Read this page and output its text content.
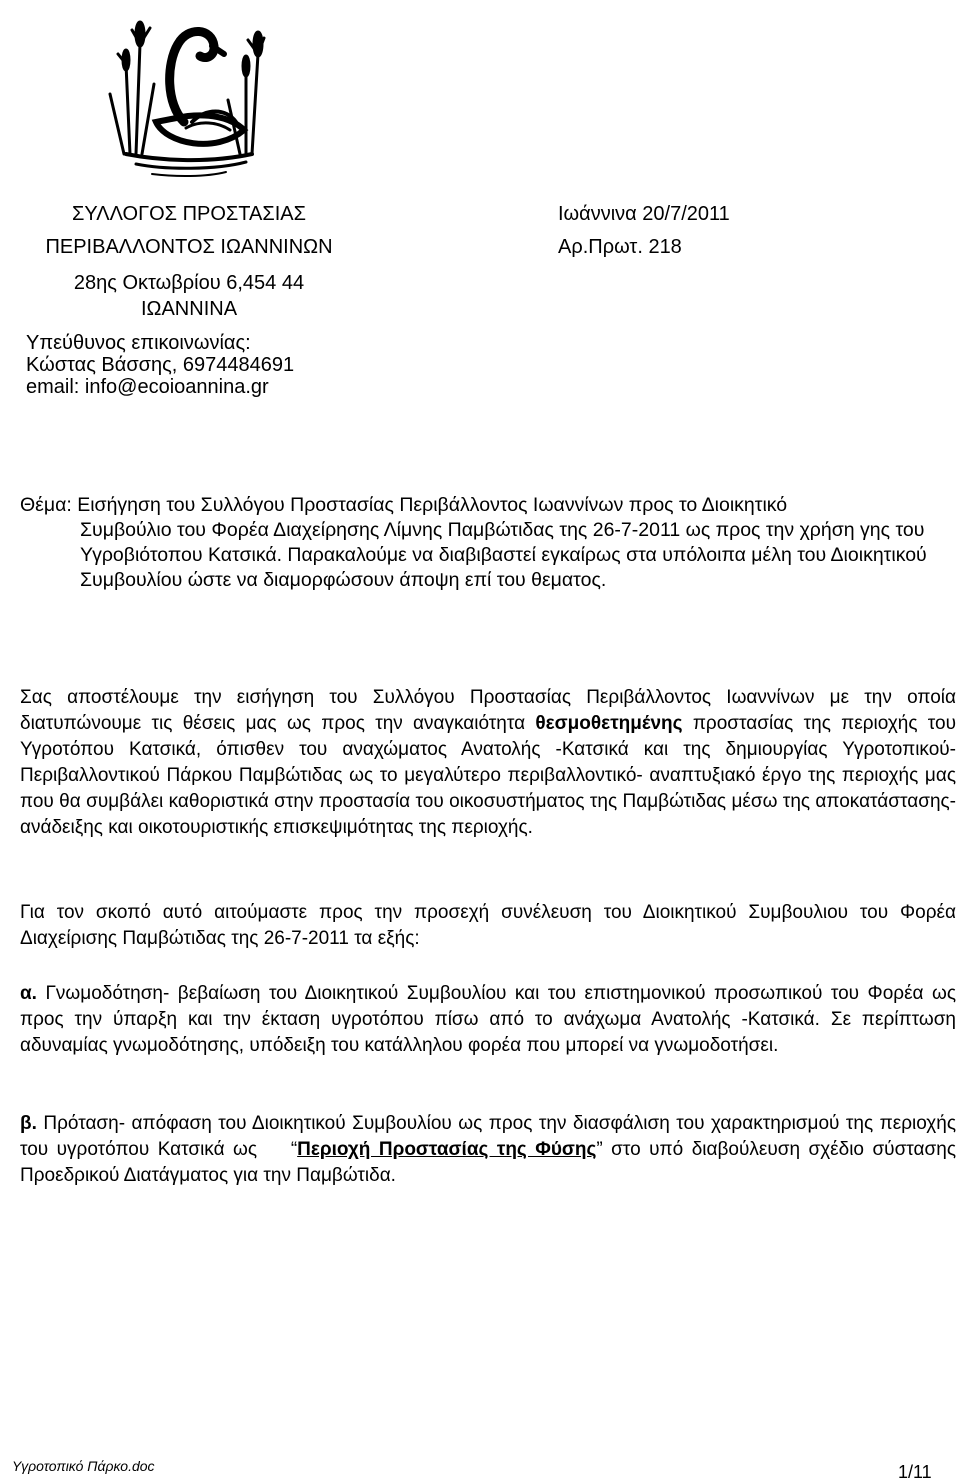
ΣΥΛΛΟΓΟΣ ΠΡΟΣΤΑΣΙΑΣ
ΠΕΡΙΒΑΛΛΟΝΤΟΣ ΙΩΑΝΝΙΝΩΝ
28ης Οκτωβρίου 6,454 44
ΙΩΑΝΝΙΝΑ
Υπεύθυνος επικοινωνίας:
Κώστας Βάσσης, 6974484691
email: info@ecoioannina.gr
Ιωάννινα 20/7/2011
Αρ.Πρωτ. 218
Θέμα: Εισήγηση του Συλλόγου Προστασίας Περιβάλλοντος Ιωαννίνων προς το Διοικητικό
Συμβούλιο του Φορέα Διαχείρησης Λίμνης Παμβώτιδας της 26-7-2011 ως προς την χρήση γης του Υγροβιότοπου Κατσικά. Παρακαλούμε να διαβιβαστεί εγκαίρως στα υπόλοιπα μέλη του Διοικητικού Συμβουλίου ώστε να διαμορφώσουν άποψη επί του θεματος.
Σας αποστέλουμε την εισήγηση του Συλλόγου Προστασίας Περιβάλλοντος Ιωαννίνων με την οποία διατυπώνουμε τις θέσεις μας ως προς την αναγκαιότητα θεσμοθετημένης προστασίας της περιοχής του Υγροτόπου Κατσικά, όπισθεν του αναχώματος Ανατολής -Κατσικά και της δημιουργίας Υγροτοπικού- Περιβαλλοντικού Πάρκου Παμβώτιδας ως το μεγαλύτερο περιβαλλοντικό- αναπτυξιακό έργο της περιοχής μας που θα συμβάλει καθοριστικά στην προστασία του οικοσυστήματος της Παμβώτιδας μέσω της αποκατάστασης- ανάδειξης και οικοτουριστικής επισκεψιμότητας της περιοχής.
Για τον σκοπό αυτό αιτούμαστε προς την προσεχή συνέλευση του Διοικητικού Συμβουλιου του Φορέα Διαχείρισης Παμβώτιδας της 26-7-2011 τα εξής:
α. Γνωμοδότηση- βεβαίωση του Διοικητικού Συμβουλίου και του επιστημονικού προσωπικού του Φορέα ως προς την ύπαρξη και την έκταση υγροτόπου πίσω από το ανάχωμα Ανατολής -Κατσικά. Σε περίπτωση αδυναμίας γνωμοδότησης, υπόδειξη του κατάλληλου φορέα που μπορεί να γνωμοδοτήσει.
β. Πρόταση- απόφαση του Διοικητικού Συμβουλίου ως προς την διασφάλιση του χαρακτηρισμού της περιοχής του υγροτόπου Κατσικά ως    “Περιοχή Προστασίας της Φύσης” στο υπό διαβούλευση σχέδιο σύστασης Προεδρικού Διατάγματος για την Παμβώτιδα.
Υγροτοπικό Πάρκο.doc	1/11
